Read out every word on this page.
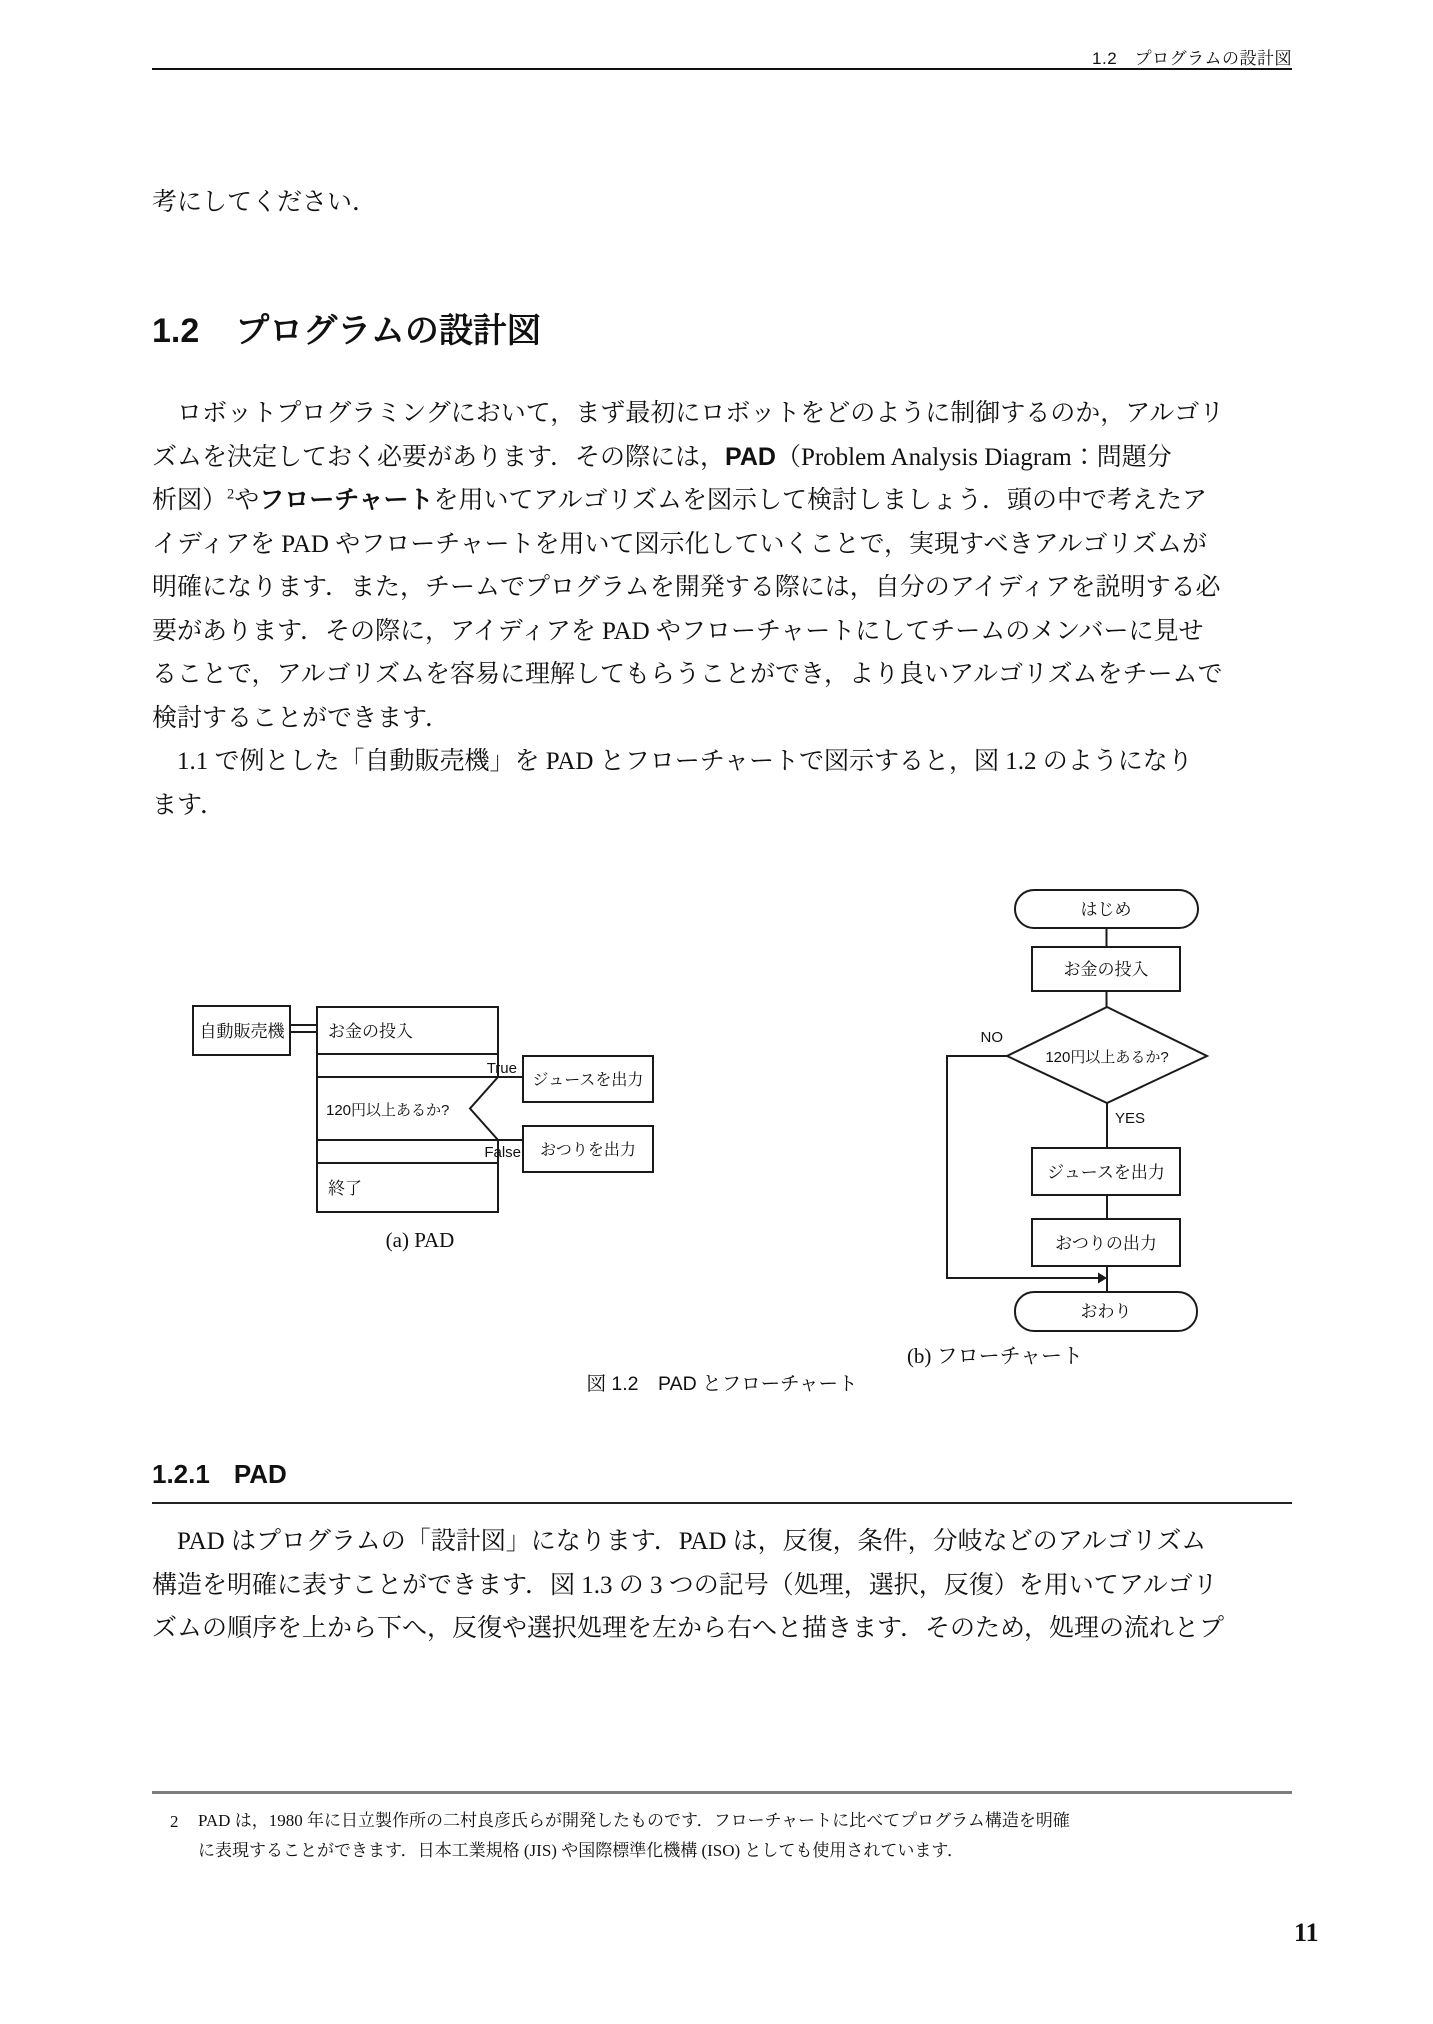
1.2　プログラムの設計図
考にしてください．
1.2 プログラムの設計図
ロボットプログラミングにおいて，まず最初にロボットをどのように制御するのか，アルゴリ
ズムを決定しておく必要があります．その際には，PAD（Problem Analysis Diagram：問題分
析図）$^2$やフローチャートを用いてアルゴリズムを図示して検討しましょう．頭の中で考えたア
イディアを PAD やフローチャートを用いて図示化していくことで，実現すべきアルゴリズムが
明確になります．また，チームでプログラムを開発する際には，自分のアイディアを説明する必
要があります．その際に，アイディアを PAD やフローチャートにしてチームのメンバーに見せ
ることで，アルゴリズムを容易に理解してもらうことができ，より良いアルゴリズムをチームで
検討することができます．
1.1 で例とした「自動販売機」を PAD とフローチャートで図示すると，図 1.2 のようになり
ます．
自動販売機	お金の投入
120円以上あるか?
終了
True
False
ジュースを出力
おつりを出力
(a) PAD
はじめ
お金の投入
120円以上あるか?
NO
YES
ジュースを出力
おつりの出力
おわり
(b) フローチャート
図 1.2　PAD とフローチャート
1.2.1 PAD
PAD はプログラムの「設計図」になります．PAD は，反復，条件，分岐などのアルゴリズム
構造を明確に表すことができます．図 1.3 の 3 つの記号（処理，選択，反復）を用いてアルゴリ
ズムの順序を上から下へ，反復や選択処理を左から右へと描きます．そのため，処理の流れとプ
2 PAD は，1980 年に日立製作所の二村良彦氏らが開発したものです．フローチャートに比べてプログラム構造を明確
に表現することができます．日本工業規格 (JIS) や国際標準化機構 (ISO) としても使用されています．
11
